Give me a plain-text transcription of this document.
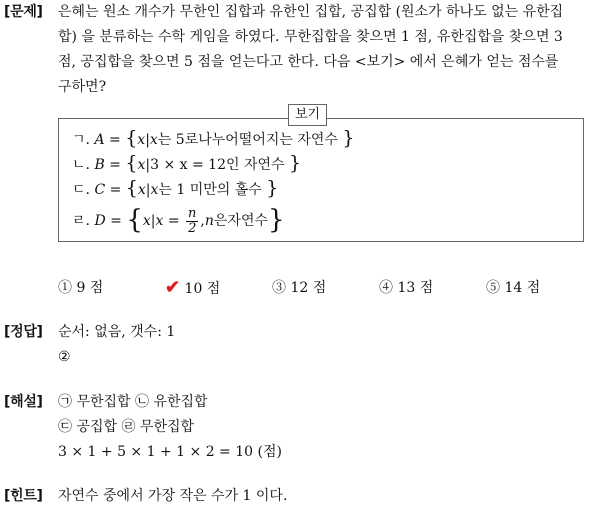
[문제] 은혜는 원소 개수가 무한인 집합과 유한인 집합, 공집합 (원소가 하나도 없는 유한집
합) 을 분류하는 수학 게임을 하였다. 무한집합을 찾으면 1 점, 유한집합을 찾으면 3
점, 공집합을 찾으면 5 점을 얻는다고 한다. 다음 <보기> 에서 은혜가 얻는 점수를
구하면?
보기
ㄱ. A = {x|x는 5로나누어떨어지는 자연수 }
ㄴ. B = {x|3 × x = 12인 자연수 }
ㄷ. C = {x|x는 1 미만의 홀수 }
ㄹ. $D = \{x|x = \frac{n}{2} ,n$은자연수}
① 9 점	✔ 10 점	③ 12 점	④ 13 점	⑤ 14 점
[정답] 순서: 없음, 갯수: 1
②
[해설] ㉠ 무한집합 ㉡ 유한집합
㉢ 공집합 ㉣ 무한집합
3 × 1 + 5 × 1 + 1 × 2 = 10 (점)
[힌트] 자연수 중에서 가장 작은 수가 1 이다.
